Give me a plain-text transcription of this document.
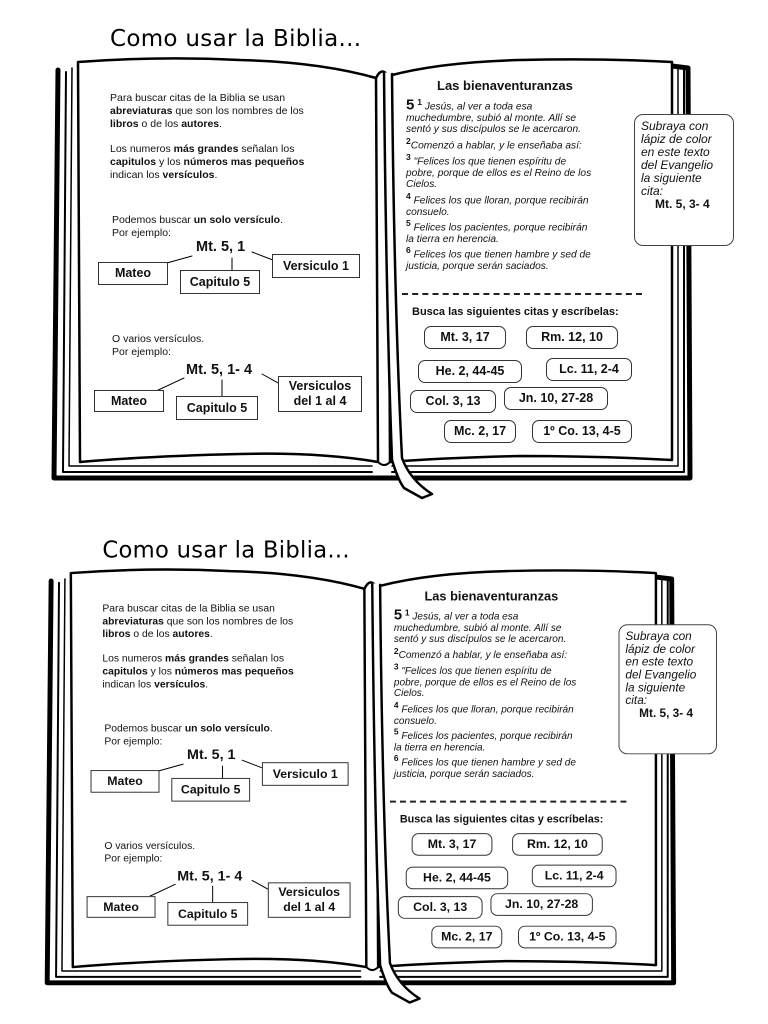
Como usar la Biblia...
Para buscar citas de la Biblia se usan
abreviaturas que son los nombres de los
libros o de los autores.
Los numeros más grandes señalan los
capitulos y los números mas pequeños
indican los versículos.
Podemos buscar un solo versículo.
Por ejemplo:
Mt. 5, 1
Mateo
Capitulo 5
Versiculo 1
O varios versículos.
Por ejemplo:
Mt. 5, 1- 4
Mateo	Capitulo 5
Versiculos
del 1 al 4
Las bienaventuranzas
5 $^1$ Jesús, al ver a toda esa
muchedumbre, subió al monte. Allí se
sentó y sus discípulos se le acercaron.
$^2$Comenzó a hablar, y le enseñaba así:
$^3$ "Felices los que tienen espíritu de
pobre, porque de ellos es el Reino de los
Cielos.
$^4$ Felices los que lloran, porque recibirán
consuelo.
$^5$ Felices los pacientes, porque recibirán
la tierra en herencia.
$^6$ Felices los que tienen hambre y sed de
justicia, porque serán saciados.
Busca las siguientes citas y escríbelas:
Mt. 3, 17	Rm. 12, 10
He. 2, 44-45	Lc. 11, 2-4
Col. 3, 13	Jn. 10, 27-28
Mc. 2, 17	1º Co. 13, 4-5
Subraya con
lápiz de color
en este texto
del Evangelio
la siguiente
cita:
Mt. 5, 3- 4
Como usar la Biblia...
Para buscar citas de la Biblia se usan
abreviaturas que son los nombres de los
libros o de los autores.
Los numeros más grandes señalan los
capitulos y los números mas pequeños
indican los versículos.
Podemos buscar un solo versículo.
Por ejemplo:
Mt. 5, 1
Mateo
Capitulo 5
Versiculo 1
O varios versículos.
Por ejemplo:
Mt. 5, 1- 4
Mateo	Capitulo 5
Versiculos
del 1 al 4
Las bienaventuranzas
5 $^1$ Jesús, al ver a toda esa
muchedumbre, subió al monte. Allí se
sentó y sus discípulos se le acercaron.
$^2$Comenzó a hablar, y le enseñaba así:
$^3$ "Felices los que tienen espíritu de
pobre, porque de ellos es el Reino de los
Cielos.
$^4$ Felices los que lloran, porque recibirán
consuelo.
$^5$ Felices los pacientes, porque recibirán
la tierra en herencia.
$^6$ Felices los que tienen hambre y sed de
justicia, porque serán saciados.
Busca las siguientes citas y escríbelas:
Mt. 3, 17	Rm. 12, 10
He. 2, 44-45	Lc. 11, 2-4
Col. 3, 13	Jn. 10, 27-28
Mc. 2, 17	1º Co. 13, 4-5
Subraya con
lápiz de color
en este texto
del Evangelio
la siguiente
cita:
Mt. 5, 3- 4
